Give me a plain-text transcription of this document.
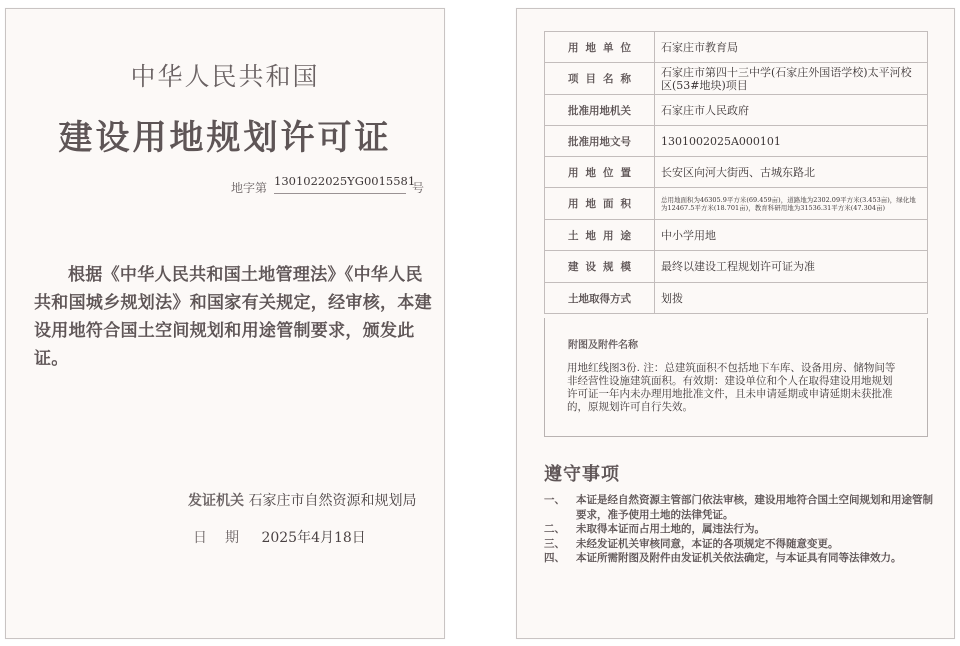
中华人民共和国
建设用地规划许可证
地字第 1301022025YG0015581
号
根据《中华人民共和国土地管理法》《中华人民共和国城乡规划法》和国家有关规定，经审核，本建设用地符合国土空间规划和用途管制要求，颁发此证。
发证机关 石家庄市自然资源和规划局
日期 2025年4月18日
用地单位	石家庄市教育局
项目名称	石家庄市第四十三中学(石家庄外国语学校)太平河校区(53#地块)项目
批准用地机关	石家庄市人民政府
批准用地文号	1301002025A000101
用地位置	长安区向河大街西、古城东路北
用地面积	总用地面积为46305.9平方米(69.459亩)，道路地为2302.09平方米(3.453亩)，绿化地为12467.5平方米(18.701亩)，教育科研用地为31536.31平方米(47.304亩)
土地用途	中小学用地
建设规模	最终以建设工程规划许可证为准
土地取得方式	划拨
附图及附件名称
用地红线图3份. 注：总建筑面积不包括地下车库、设备用房、储物间等非经营性设施建筑面积。有效期：建设单位和个人在取得建设用地规划许可证一年内未办理用地批准文件，且未申请延期或申请延期未获批准的，原规划许可自行失效。
遵守事项
一、	本证是经自然资源主管部门依法审核，建设用地符合国土空间规划和用途管制要求，准予使用土地的法律凭证。
二、	未取得本证而占用土地的，属违法行为。
三、	未经发证机关审核同意，本证的各项规定不得随意变更。
四、	本证所需附图及附件由发证机关依法确定，与本证具有同等法律效力。
